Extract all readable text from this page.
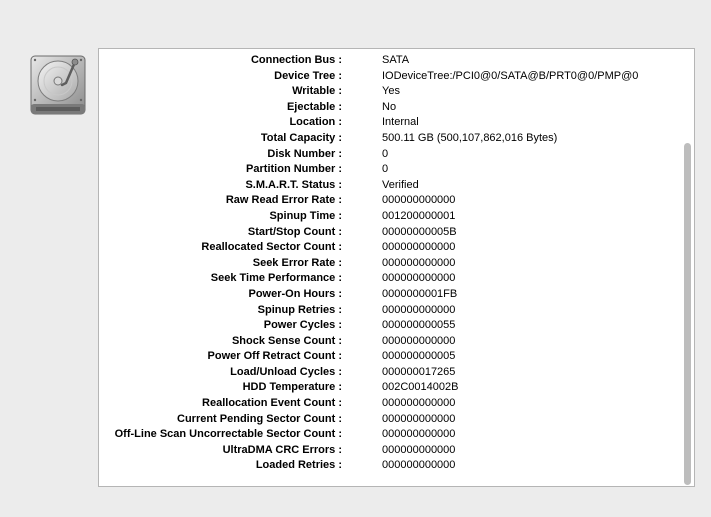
Connection Bus :	SATA
Device Tree :	IODeviceTree:/PCI0@0/SATA@B/PRT0@0/PMP@0
Writable :	Yes
Ejectable :	No
Location :	Internal
Total Capacity :	500.11 GB (500,107,862,016 Bytes)
Disk Number :	0
Partition Number :	0
S.M.A.R.T. Status :	Verified
Raw Read Error Rate :	000000000000
Spinup Time :	001200000001
Start/Stop Count :	00000000005B
Reallocated Sector Count :	000000000000
Seek Error Rate :	000000000000
Seek Time Performance :	000000000000
Power-On Hours :	0000000001FB
Spinup Retries :	000000000000
Power Cycles :	000000000055
Shock Sense Count :	000000000000
Power Off Retract Count :	000000000005
Load/Unload Cycles :	000000017265
HDD Temperature :	002C0014002B
Reallocation Event Count :	000000000000
Current Pending Sector Count :	000000000000
Off-Line Scan Uncorrectable Sector Count :	000000000000
UltraDMA CRC Errors :	000000000000
Loaded Retries :	000000000000
